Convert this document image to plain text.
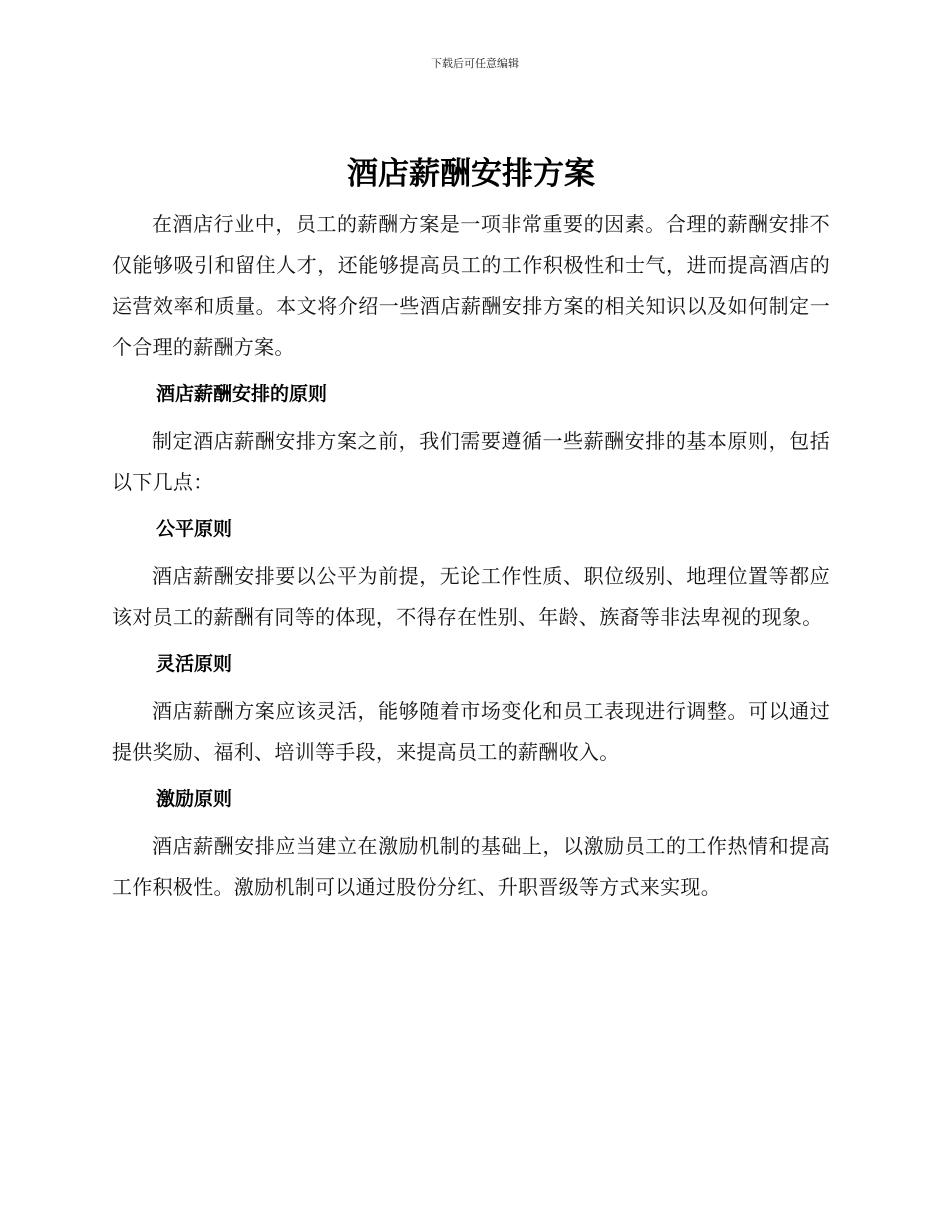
下载后可任意编辑
酒店薪酬安排方案

在酒店行业中，员工的薪酬方案是一项非常重要的因素。合理的薪酬安排不仅能够吸引和留住人才，还能够提高员工的工作积极性和士气，进而提高酒店的运营效率和质量。本文将介绍一些酒店薪酬安排方案的相关知识以及如何制定一个合理的薪酬方案。

酒店薪酬安排的原则

制定酒店薪酬安排方案之前，我们需要遵循一些薪酬安排的基本原则，包括以下几点：

公平原则

酒店薪酬安排要以公平为前提，无论工作性质、职位级别、地理位置等都应该对员工的薪酬有同等的体现，不得存在性别、年龄、族裔等非法卑视的现象。

灵活原则

酒店薪酬方案应该灵活，能够随着市场变化和员工表现进行调整。可以通过提供奖励、福利、培训等手段，来提高员工的薪酬收入。

激励原则

酒店薪酬安排应当建立在激励机制的基础上，以激励员工的工作热情和提高工作积极性。激励机制可以通过股份分红、升职晋级等方式来实现。
